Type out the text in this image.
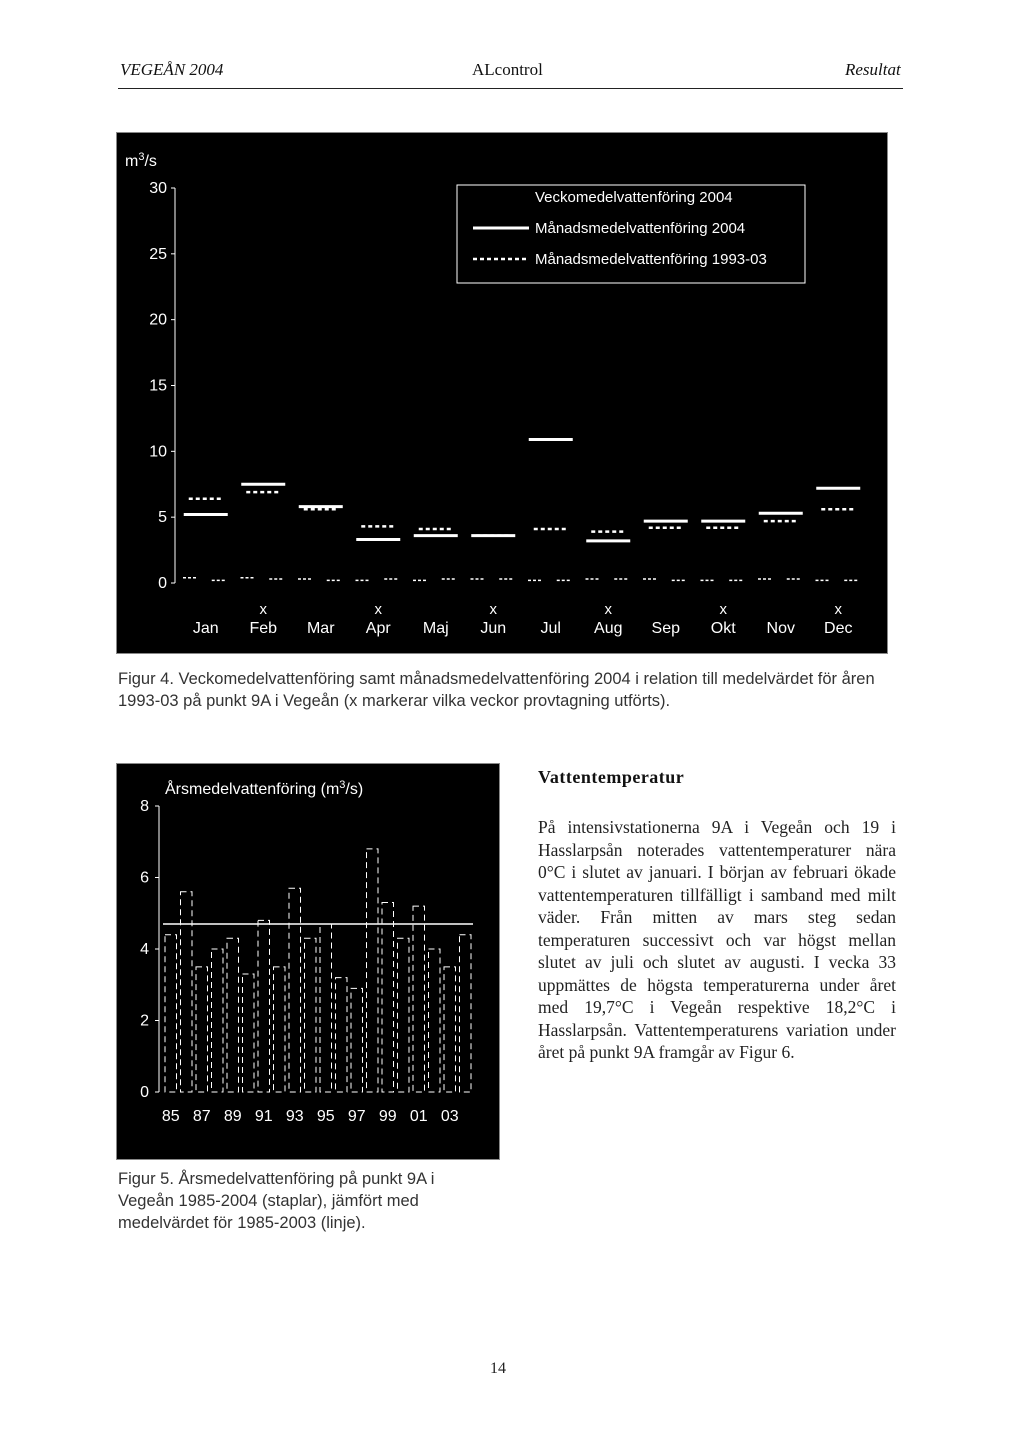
VEGEÅN 2004	ALcontrol	Resultat
$m^3/s$
0
5
10
15
20
25
30
Jan Feb Mar Apr Maj Jun Jul Aug Sep Okt Nov Dec
x	x	x	x	x	x
Veckomedelvattenföring 2004
Månadsmedelvattenföring 2004
Månadsmedelvattenföring 1993-03
Figur 4. Veckomedelvattenföring samt månadsmedelvattenföring 2004 i relation till medelvärdet för åren 1993-03 på punkt 9A i Vegeån (x markerar vilka veckor provtagning utförts).
Årsmedelvattenföring $(m^3/s)$
0
2
4
6
8
85 87 89 91 93 95 97 99 01 03
Figur 5. Årsmedelvattenföring på punkt 9A i Vegeån 1985-2004 (staplar), jämfört med medelvärdet för 1985-2003 (linje).
Vattentemperatur
På intensivstationerna 9A i Vegeån och 19 i Hasslarpsån noterades vattentemperaturer nära 0°C i slutet av januari. I början av februari ökade vattentemperaturen tillfälligt i samband med milt väder. Från mitten av mars steg sedan temperaturen successivt och var högst mellan slutet av juli och slutet av augusti. I vecka 33 uppmättes de högsta temperaturerna under året med 19,7°C i Vegeån respektive 18,2°C i Hasslarpsån. Vattentemperaturens variation under året på punkt 9A framgår av Figur 6.
14
